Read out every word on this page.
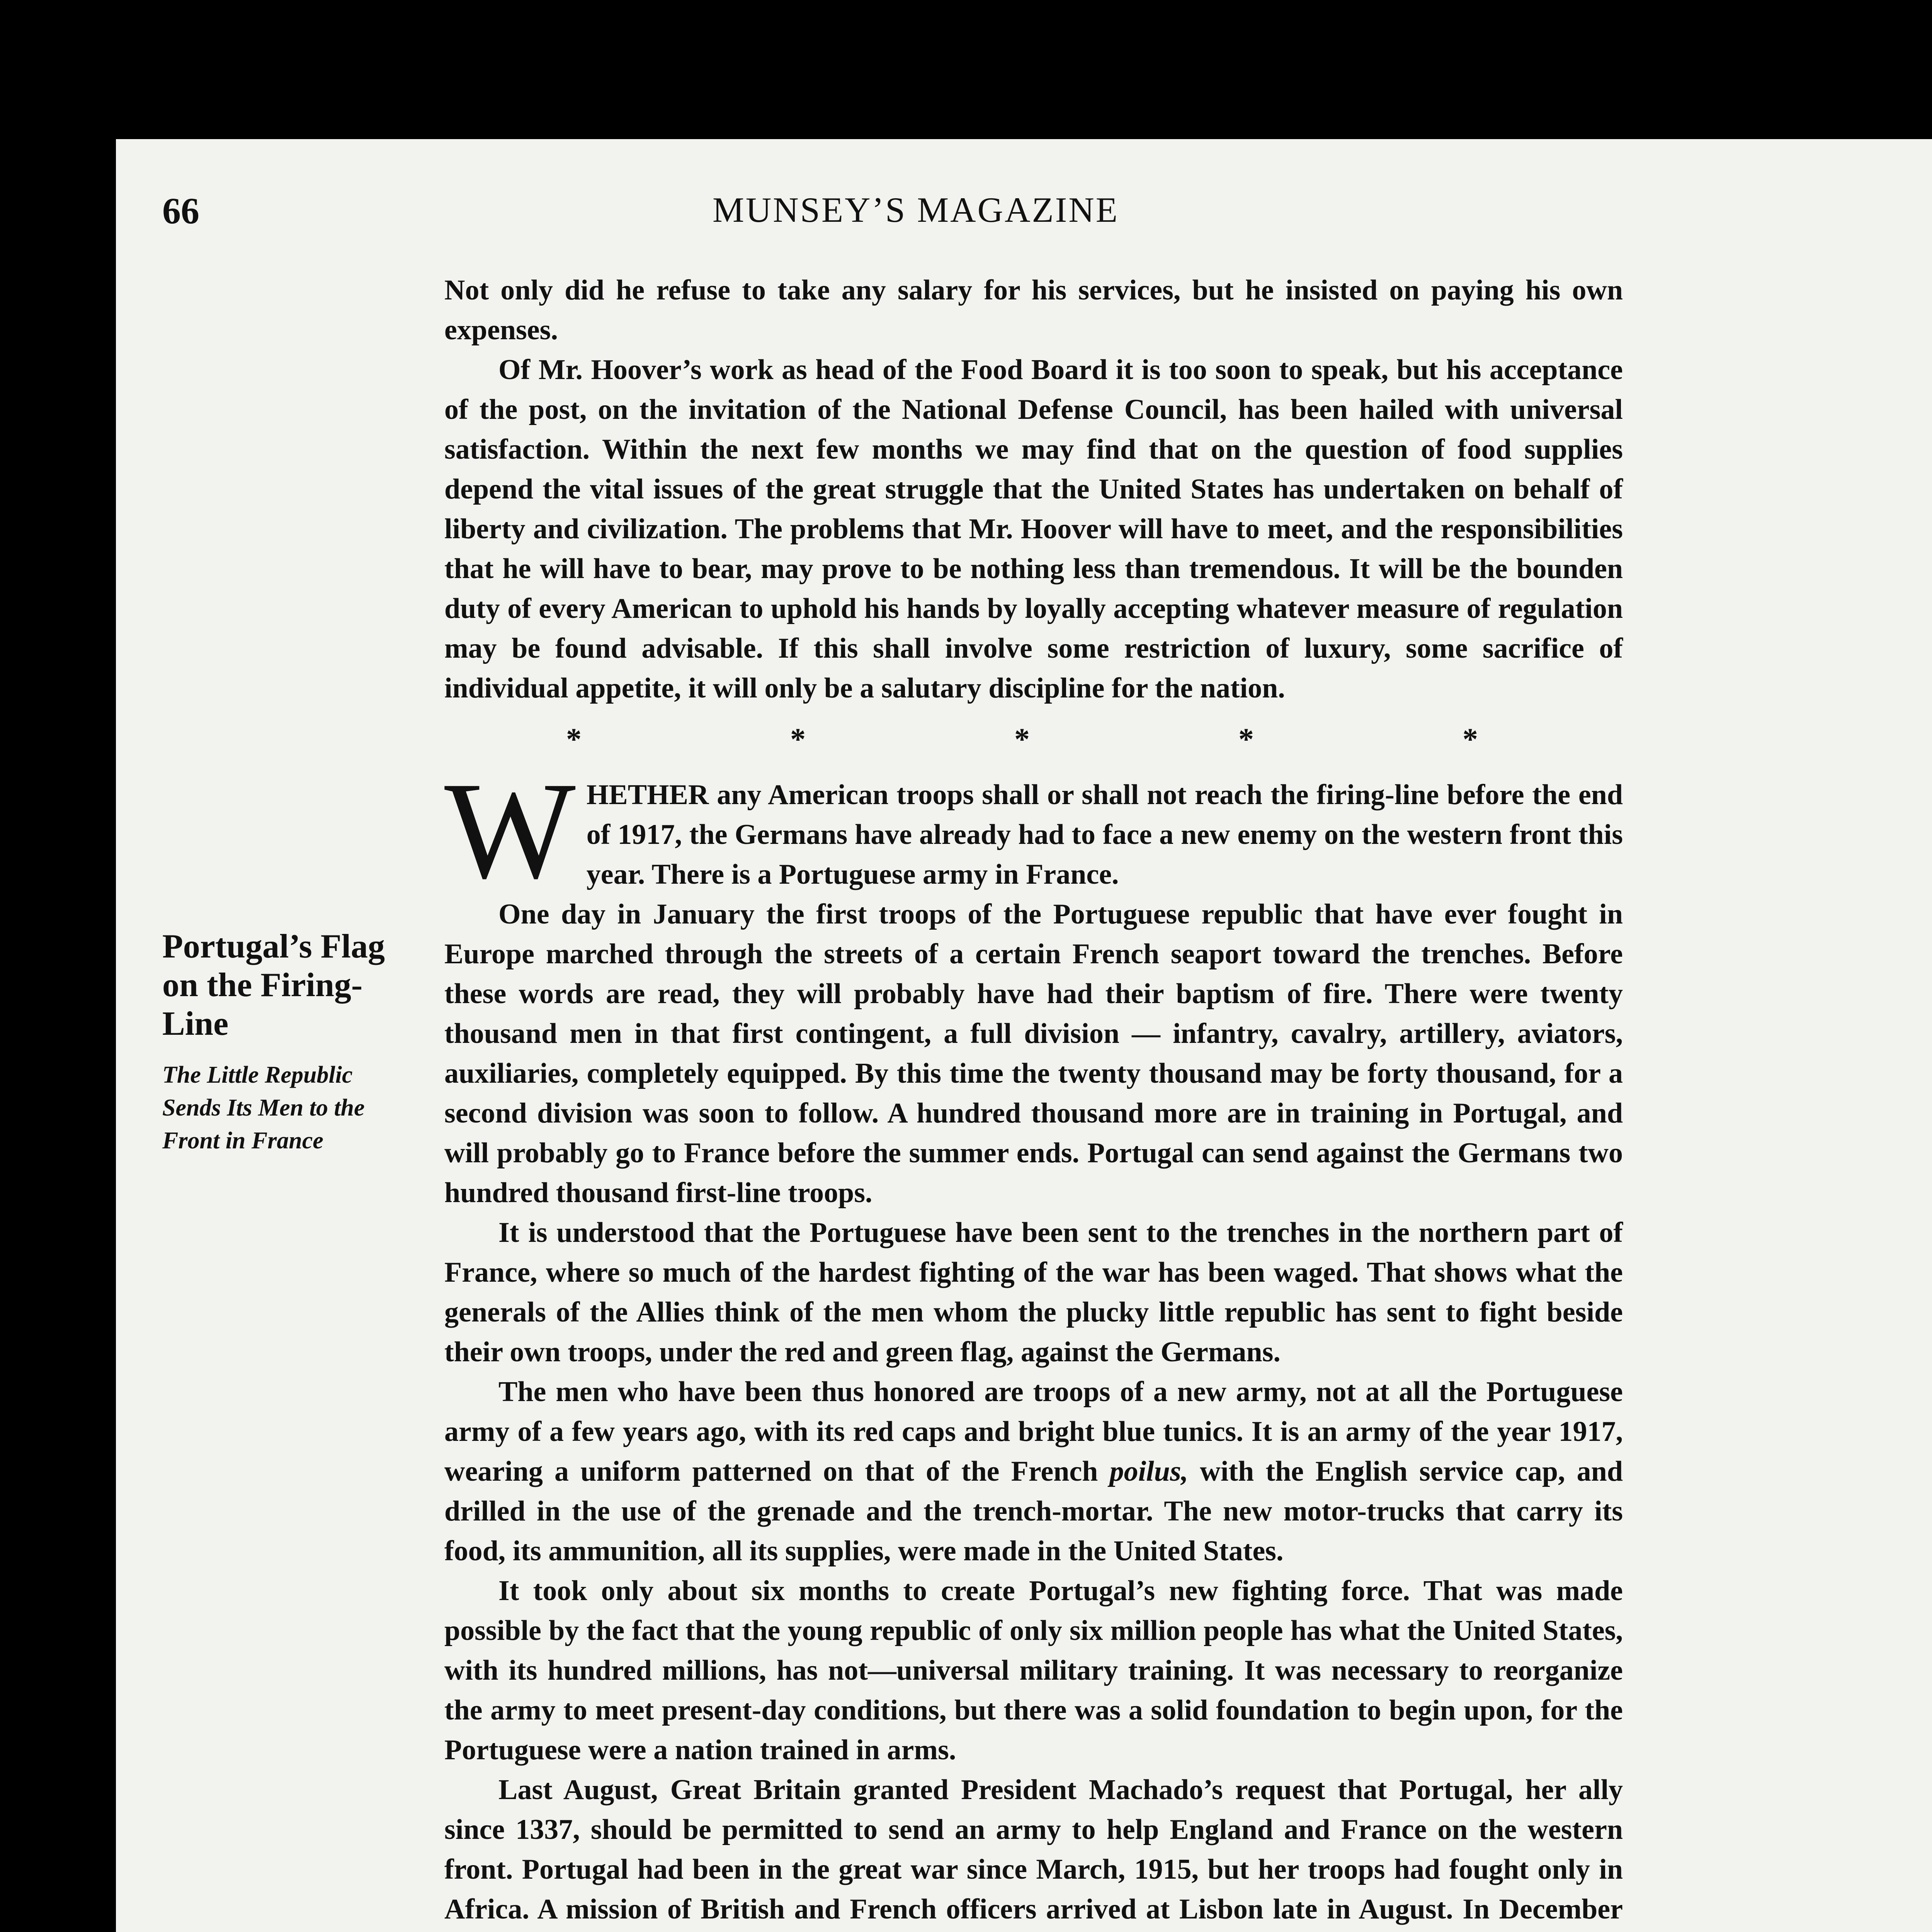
66	MUNSEY’S MAGAZINE
Portugal’s Flag on the Firing-Line

The Little Republic Sends Its Men to the Front in France

Not only did he refuse to take any salary for his services, but he insisted on paying his own expenses.

Of Mr. Hoover’s work as head of the Food Board it is too soon to speak, but his acceptance of the post, on the invitation of the National Defense Council, has been hailed with universal satisfaction. Within the next few months we may find that on the question of food supplies depend the vital issues of the great struggle that the United States has undertaken on behalf of liberty and civilization. The problems that Mr. Hoover will have to meet, and the responsibilities that he will have to bear, may prove to be nothing less than tremendous. It will be the bounden duty of every American to uphold his hands by loyally accepting whatever measure of regulation may be found advisable. If this shall involve some restriction of luxury, some sacrifice of individual appetite, it will only be a salutary discipline for the nation.

* * * * *

WHETHER any American troops shall or shall not reach the firing-line before the end of 1917, the Germans have already had to face a new enemy on the western front this year. There is a Portuguese army in France.

One day in January the first troops of the Portuguese republic that have ever fought in Europe marched through the streets of a certain French seaport toward the trenches. Before these words are read, they will probably have had their baptism of fire. There were twenty thousand men in that first contingent, a full division — infantry, cavalry, artillery, aviators, auxiliaries, completely equipped. By this time the twenty thousand may be forty thousand, for a second division was soon to follow. A hundred thousand more are in training in Portugal, and will probably go to France before the summer ends. Portugal can send against the Germans two hundred thousand first-line troops.

It is understood that the Portuguese have been sent to the trenches in the northern part of France, where so much of the hardest fighting of the war has been waged. That shows what the generals of the Allies think of the men whom the plucky little republic has sent to fight beside their own troops, under the red and green flag, against the Germans.

The men who have been thus honored are troops of a new army, not at all the Portuguese army of a few years ago, with its red caps and bright blue tunics. It is an army of the year 1917, wearing a uniform patterned on that of the French poilus, with the English service cap, and drilled in the use of the grenade and the trench-mortar. The new motor-trucks that carry its food, its ammunition, all its supplies, were made in the United States.

It took only about six months to create Portugal’s new fighting force. That was made possible by the fact that the young republic of only six million people has what the United States, with its hundred millions, has not—universal military training. It was necessary to reorganize the army to meet present-day conditions, but there was a solid foundation to begin upon, for the Portuguese were a nation trained in arms.

Last August, Great Britain granted President Machado’s request that Portugal, her ally since 1337, should be permitted to send an army to help England and France on the western front. Portugal had been in the great war since March, 1915, but her troops had fought only in Africa. A mission of British and French officers arrived at Lisbon late in August. In December
